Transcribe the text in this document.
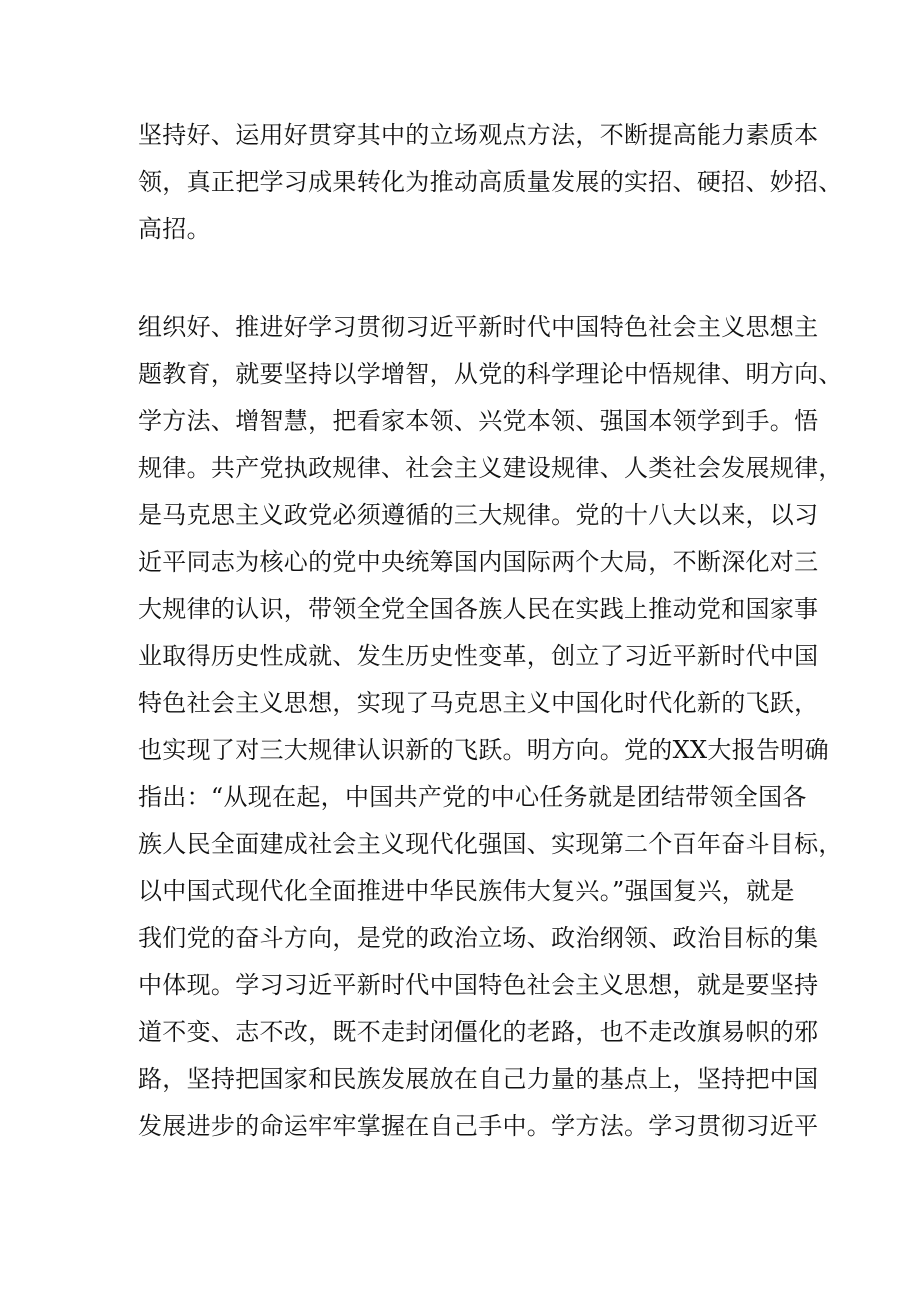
坚持好、运用好贯穿其中的立场观点方法，不断提高能力素质本
领，真正把学习成果转化为推动高质量发展的实招、硬招、妙招、
高招。
组织好、推进好学习贯彻习近平新时代中国特色社会主义思想主
题教育，就要坚持以学增智，从党的科学理论中悟规律、明方向、
学方法、增智慧，把看家本领、兴党本领、强国本领学到手。悟
规律。共产党执政规律、社会主义建设规律、人类社会发展规律，
是马克思主义政党必须遵循的三大规律。党的十八大以来，以习
近平同志为核心的党中央统筹国内国际两个大局，不断深化对三
大规律的认识，带领全党全国各族人民在实践上推动党和国家事
业取得历史性成就、发生历史性变革，创立了习近平新时代中国
特色社会主义思想，实现了马克思主义中国化时代化新的飞跃，
也实现了对三大规律认识新的飞跃。明方向。党的XX大报告明确
指出：“从现在起，中国共产党的中心任务就是团结带领全国各
族人民全面建成社会主义现代化强国、实现第二个百年奋斗目标，
以中国式现代化全面推进中华民族伟大复兴。”强国复兴，就是
我们党的奋斗方向，是党的政治立场、政治纲领、政治目标的集
中体现。学习习近平新时代中国特色社会主义思想，就是要坚持
道不变、志不改，既不走封闭僵化的老路，也不走改旗易帜的邪
路，坚持把国家和民族发展放在自己力量的基点上，坚持把中国
发展进步的命运牢牢掌握在自己手中。学方法。学习贯彻习近平
